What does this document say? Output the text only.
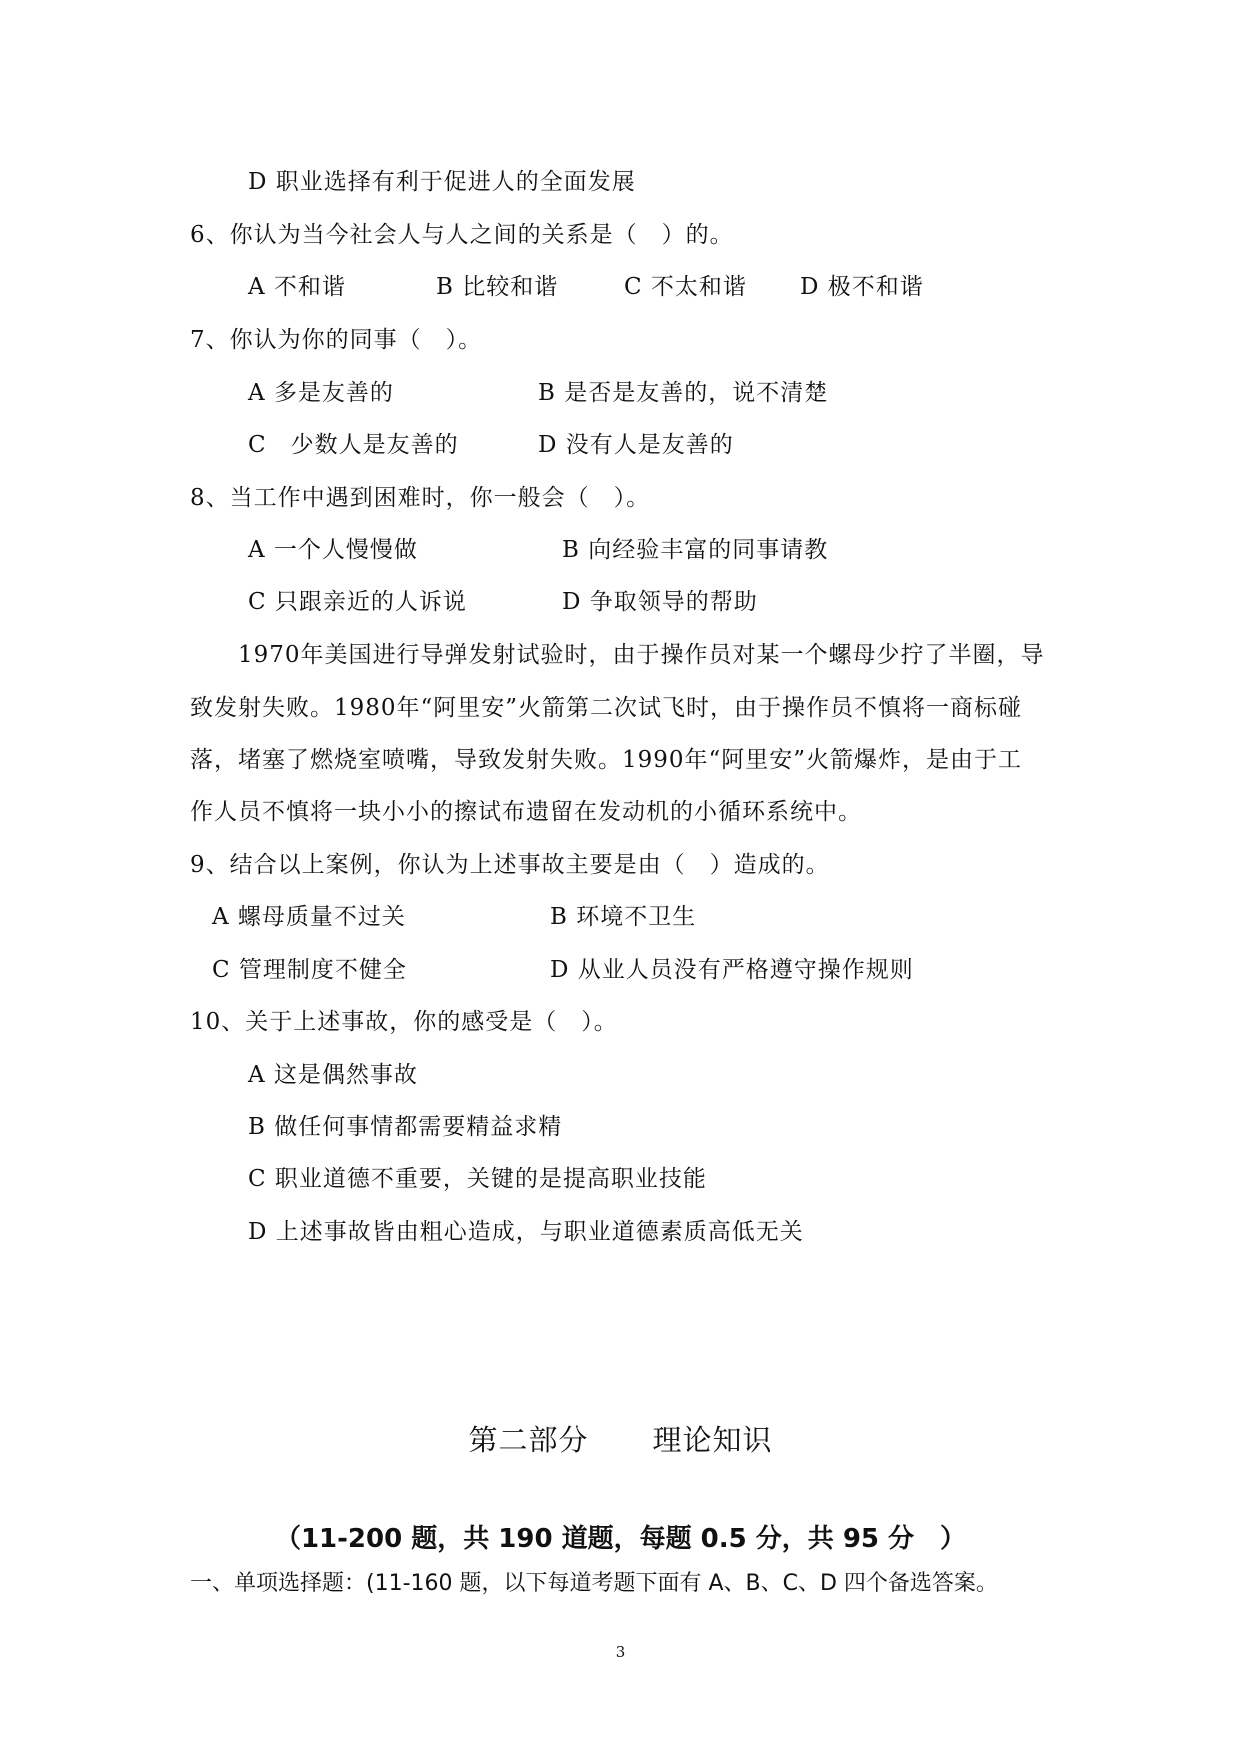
D 职业选择有利于促进人的全面发展
6、你认为当今社会人与人之间的关系是（　）的。
A 不和谐	B 比较和谐	C 不太和谐 D 极不和谐
7、你认为你的同事（　）。
A 多是友善的	B 是否是友善的，说不清楚
C　少数人是友善的	D 没有人是友善的
8、当工作中遇到困难时，你一般会（　）。
A 一个人慢慢做	B 向经验丰富的同事请教
C 只跟亲近的人诉说	D 争取领导的帮助
1970年美国进行导弹发射试验时，由于操作员对某一个螺母少拧了半圈，导
致发射失败。1980年“阿里安”火箭第二次试飞时，由于操作员不慎将一商标碰
落，堵塞了燃烧室喷嘴，导致发射失败。1990年“阿里安”火箭爆炸，是由于工
作人员不慎将一块小小的擦试布遗留在发动机的小循环系统中。
9、结合以上案例，你认为上述事故主要是由（　）造成的。
A 螺母质量不过关	B 环境不卫生
C 管理制度不健全	D 从业人员没有严格遵守操作规则
10、关于上述事故，你的感受是（　）。
A 这是偶然事故
B 做任何事情都需要精益求精
C 职业道德不重要，关键的是提高职业技能
D 上述事故皆由粗心造成，与职业道德素质高低无关
第二部分 理论知识
（11-200 题，共 190 道题，每题 0.5 分，共 95 分　）
一、单项选择题：(11-160 题，以下每道考题下面有 A、B、C、D 四个备选答案。
3
